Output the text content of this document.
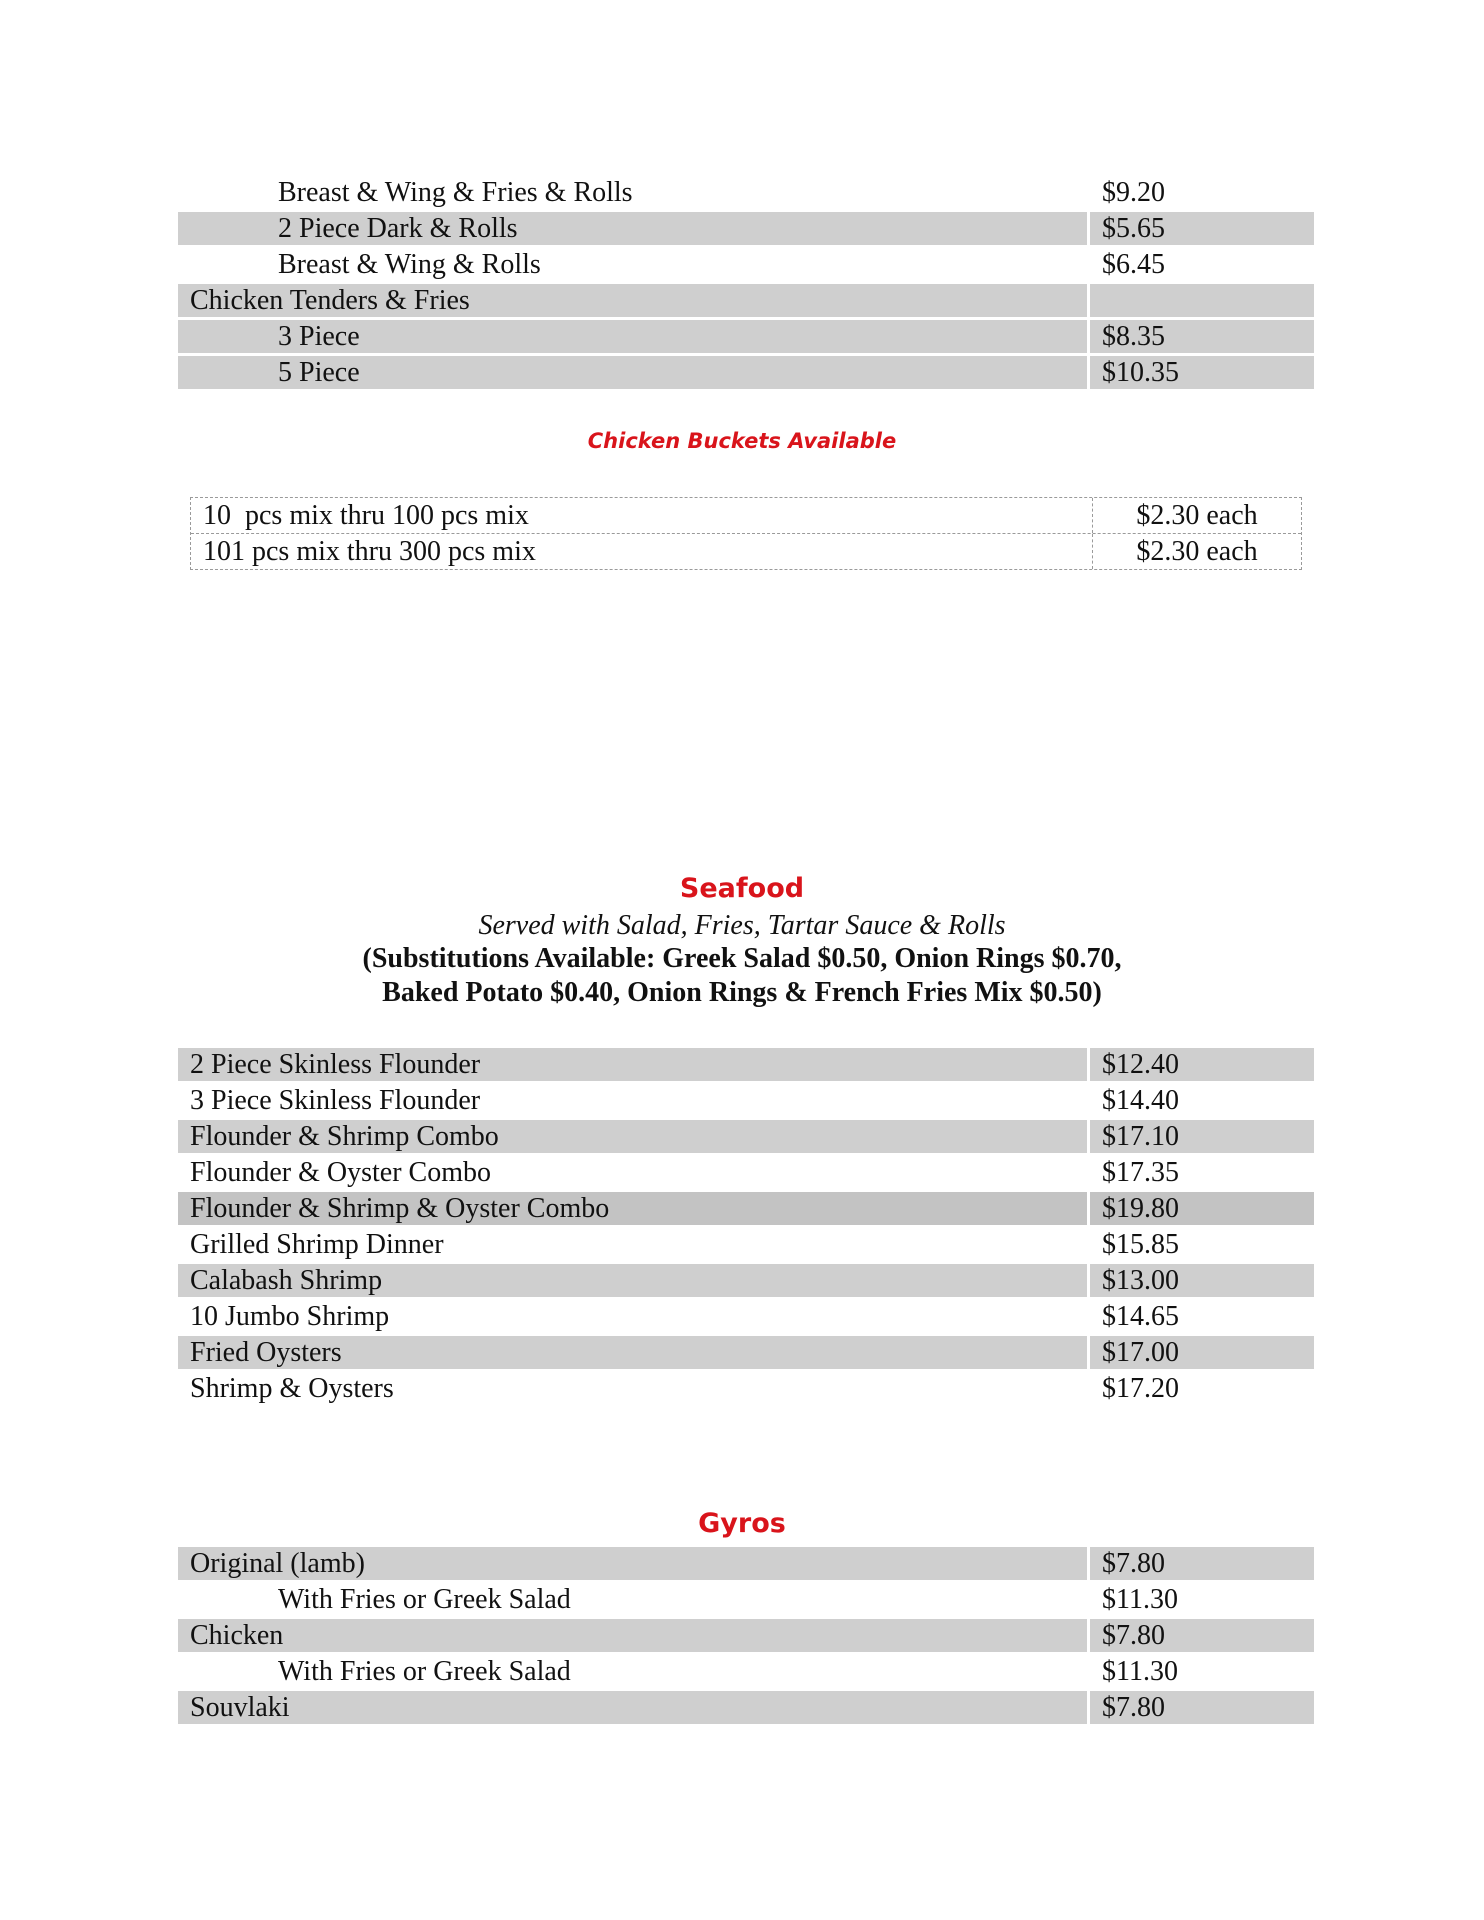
Breast & Wing & Fries & Rolls	$9.20
2 Piece Dark & Rolls	$5.65
Breast & Wing & Rolls	$6.45
Chicken Tenders & Fries
3 Piece	$8.35
5 Piece	$10.35
Chicken Buckets Available
10  pcs mix thru 100 pcs mix	$2.30 each
101 pcs mix thru 300 pcs mix	$2.30 each
Seafood
Served with Salad, Fries, Tartar Sauce & Rolls
(Substitutions Available: Greek Salad $0.50, Onion Rings $0.70,
Baked Potato $0.40, Onion Rings & French Fries Mix $0.50)
2 Piece Skinless Flounder	$12.40
3 Piece Skinless Flounder	$14.40
Flounder & Shrimp Combo	$17.10
Flounder & Oyster Combo	$17.35
Flounder & Shrimp & Oyster Combo	$19.80
Grilled Shrimp Dinner	$15.85
Calabash Shrimp	$13.00
10 Jumbo Shrimp	$14.65
Fried Oysters	$17.00
Shrimp & Oysters	$17.20
Gyros
Original (lamb)	$7.80
With Fries or Greek Salad	$11.30
Chicken	$7.80
With Fries or Greek Salad	$11.30
Souvlaki	$7.80
